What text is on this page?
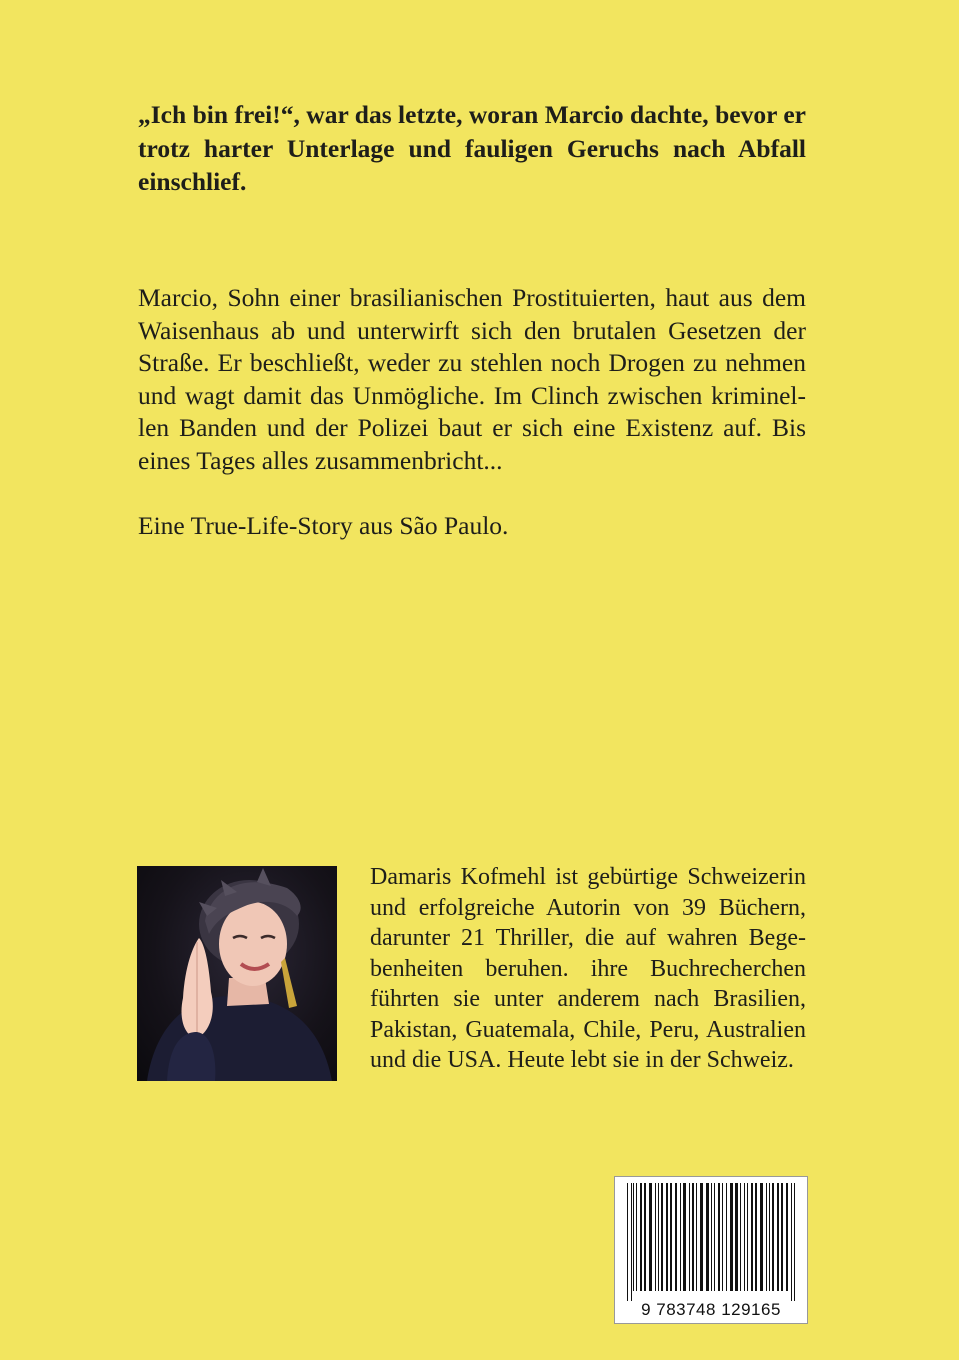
„Ich bin frei!“, war das letzte, woran Marcio dachte, bevor er trotz harter Unterlage und fauligen Geruchs nach Abfall einschlief.

Marcio, Sohn einer brasilianischen Prostituierten, haut aus dem Waisenhaus ab und unterwirft sich den brutalen Gesetzen der Straße. Er beschließt, weder zu stehlen noch Drogen zu nehmen und wagt damit das Unmögliche. Im Clinch zwischen kriminellen Banden und der Polizei baut er sich eine Existenz auf. Bis eines Tages alles zusammenbricht...

Eine True-Life-Story aus São Paulo.

Damaris Kofmehl ist gebürtige Schweizerin und erfolgreiche Autorin von 39 Büchern, darunter 21 Thriller, die auf wahren Begebenheiten beruhen. ihre Buchrecherchen führten sie unter anderem nach Brasilien, Pakistan, Guatemala, Chile, Peru, Australien und die USA. Heute lebt sie in der Schweiz.

9 783748 129165
